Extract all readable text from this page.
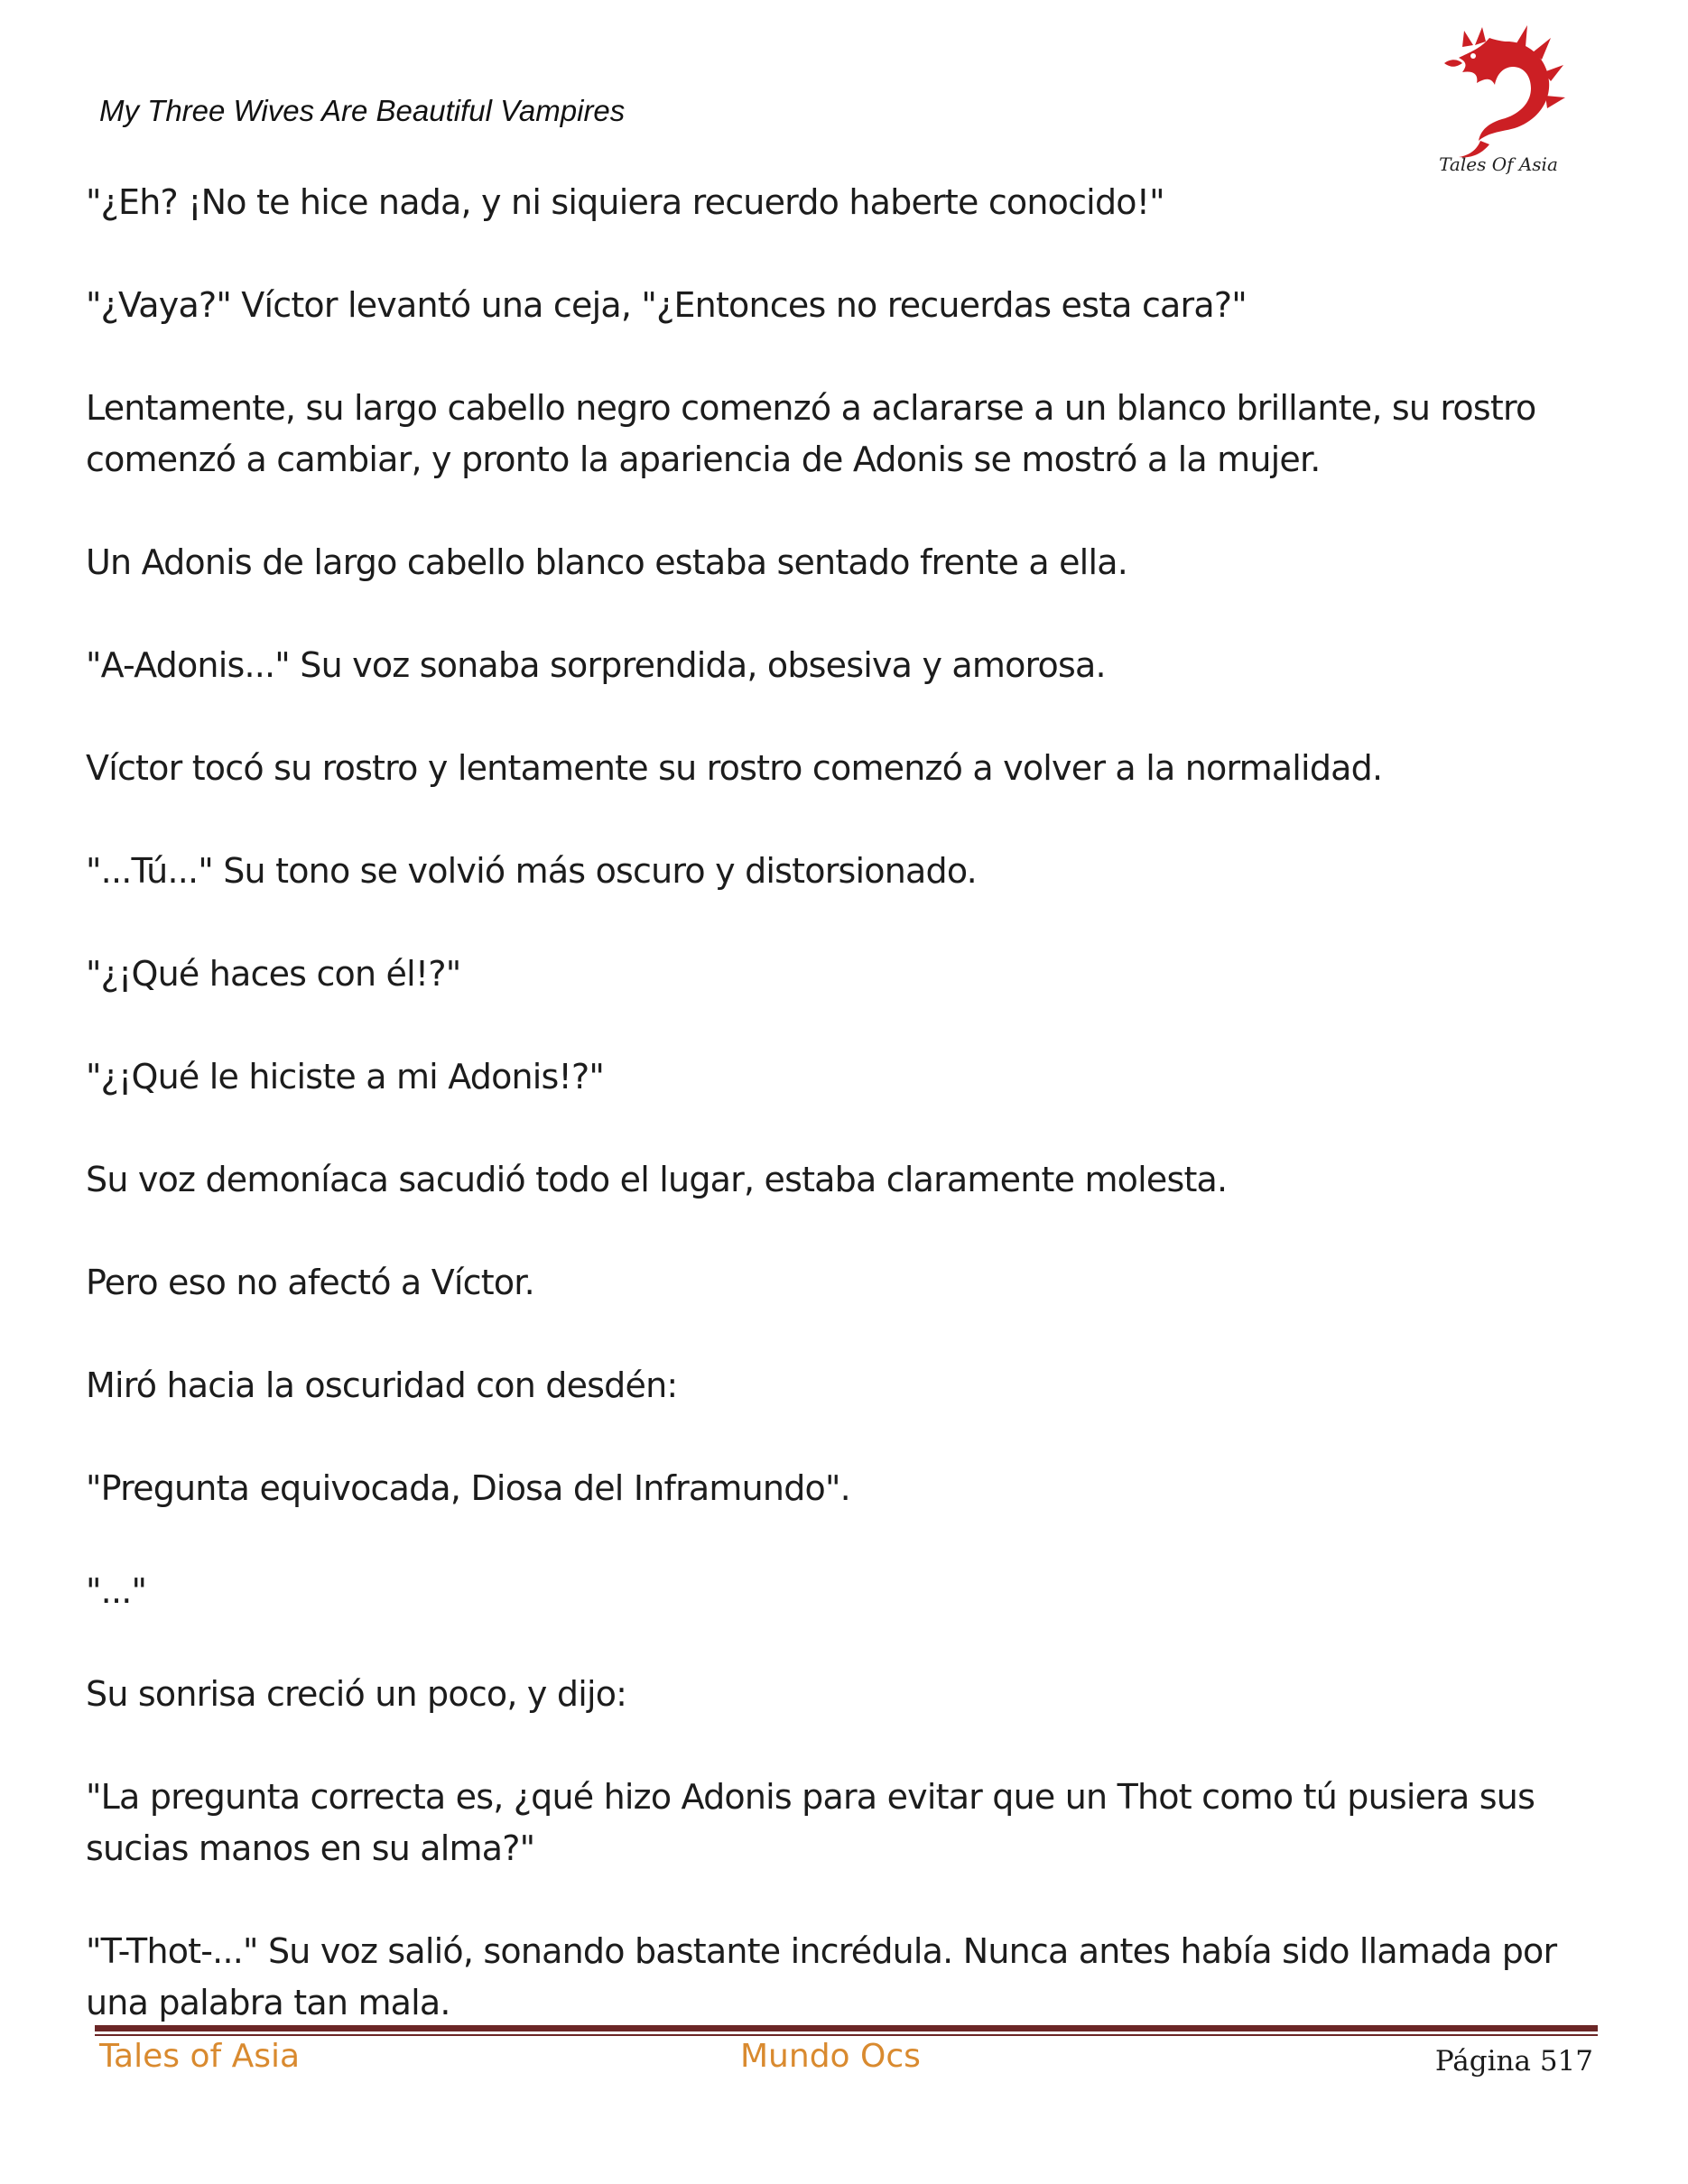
My Three Wives Are Beautiful Vampires
Tales Of Asia
"¿Eh? ¡No te hice nada, y ni siquiera recuerdo haberte conocido!"
"¿Vaya?" Víctor levantó una ceja, "¿Entonces no recuerdas esta cara?"
Lentamente, su largo cabello negro comenzó a aclararse a un blanco brillante, su rostro
comenzó a cambiar, y pronto la apariencia de Adonis se mostró a la mujer.
Un Adonis de largo cabello blanco estaba sentado frente a ella.
"A-Adonis..." Su voz sonaba sorprendida, obsesiva y amorosa.
Víctor tocó su rostro y lentamente su rostro comenzó a volver a la normalidad.
"...Tú..." Su tono se volvió más oscuro y distorsionado.
"¿¡Qué haces con él!?"
"¿¡Qué le hiciste a mi Adonis!?"
Su voz demoníaca sacudió todo el lugar, estaba claramente molesta.
Pero eso no afectó a Víctor.
Miró hacia la oscuridad con desdén:
"Pregunta equivocada, Diosa del Inframundo".
"..."
Su sonrisa creció un poco, y dijo:
"La pregunta correcta es, ¿qué hizo Adonis para evitar que un Thot como tú pusiera sus
sucias manos en su alma?"
"T-Thot-..." Su voz salió, sonando bastante incrédula. Nunca antes había sido llamada por
una palabra tan mala.
Tales of Asia	Mundo Ocs	Página 517
